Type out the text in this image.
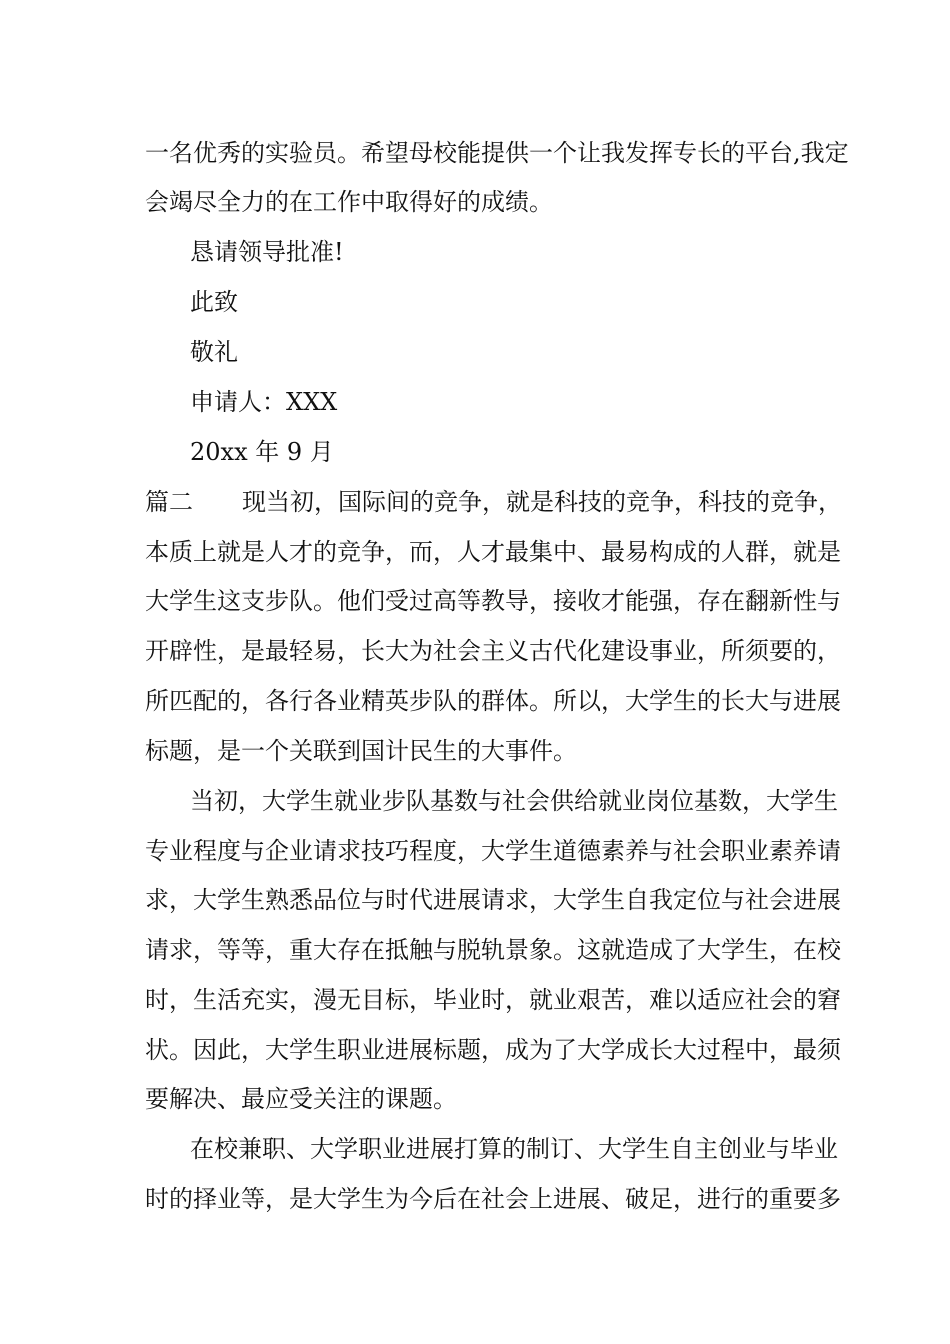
一名优秀的实验员。希望母校能提供一个让我发挥专长的平台,我定
会竭尽全力的在工作中取得好的成绩。
恳请领导批准!
此致
敬礼
申请人：XXX
20xx 年 9 月
篇二 现当初，国际间的竞争，就是科技的竞争，科技的竞争，
本质上就是人才的竞争，而，人才最集中、最易构成的人群，就是
大学生这支步队。他们受过高等教导，接收才能强，存在翻新性与
开辟性，是最轻易，长大为社会主义古代化建设事业，所须要的，
所匹配的，各行各业精英步队的群体。所以，大学生的长大与进展
标题，是一个关联到国计民生的大事件。
当初，大学生就业步队基数与社会供给就业岗位基数，大学生
专业程度与企业请求技巧程度，大学生道德素养与社会职业素养请
求，大学生熟悉品位与时代进展请求，大学生自我定位与社会进展
请求，等等，重大存在抵触与脱轨景象。这就造成了大学生，在校
时，生活充实，漫无目标，毕业时，就业艰苦，难以适应社会的窘
状。因此，大学生职业进展标题，成为了大学成长大过程中，最须
要解决、最应受关注的课题。
在校兼职、大学职业进展打算的制订、大学生自主创业与毕业
时的择业等，是大学生为今后在社会上进展、破足，进行的重要多
